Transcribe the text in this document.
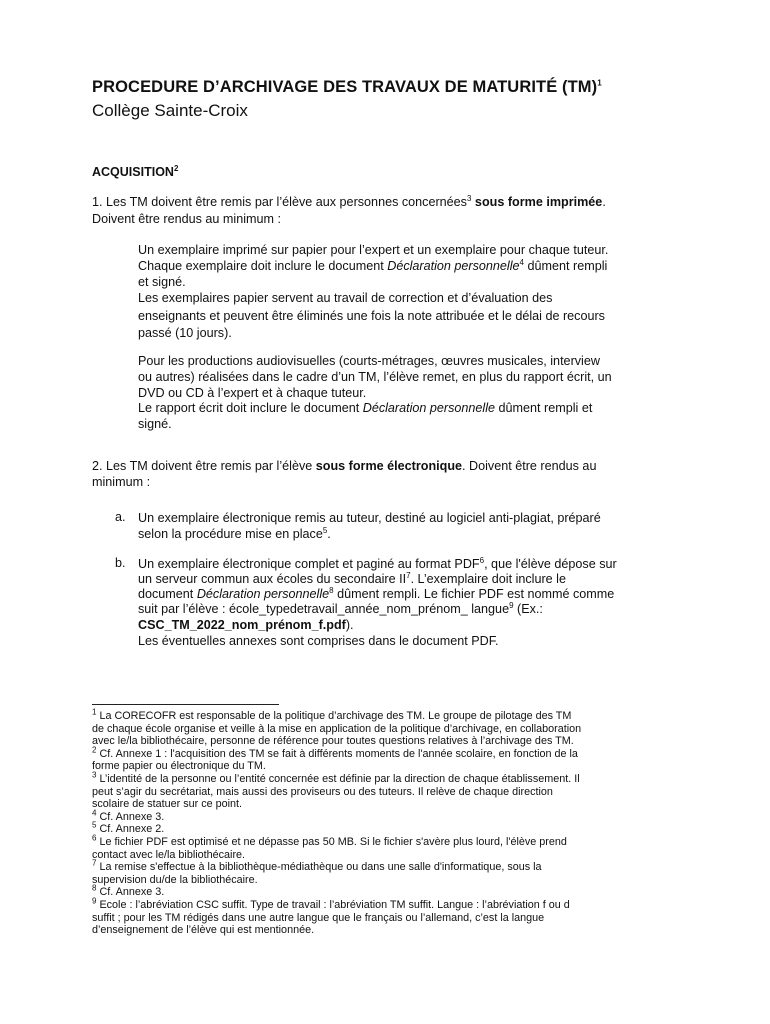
PROCEDURE D’ARCHIVAGE DES TRAVAUX DE MATURITÉ (TM)$^1$
Collège Sainte-Croix
ACQUISITION$^2$
1. Les TM doivent être remis par l’élève aux personnes concernées$^3$ sous forme imprimée.
Doivent être rendus au minimum :
Un exemplaire imprimé sur papier pour l’expert et un exemplaire pour chaque tuteur.
Chaque exemplaire doit inclure le document Déclaration personnelle$^4$ dûment rempli
et signé.
Les exemplaires papier servent au travail de correction et d’évaluation des
enseignants et peuvent être éliminés une fois la note attribuée et le délai de recours
passé (10 jours).
Pour les productions audiovisuelles (courts-métrages, œuvres musicales, interview
ou autres) réalisées dans le cadre d’un TM, l’élève remet, en plus du rapport écrit, un
DVD ou CD à l’expert et à chaque tuteur.
Le rapport écrit doit inclure le document Déclaration personnelle dûment rempli et
signé.
2. Les TM doivent être remis par l’élève sous forme électronique. Doivent être rendus au
minimum :
a. Un exemplaire électronique remis au tuteur, destiné au logiciel anti-plagiat, préparé
selon la procédure mise en place$^5$.
b. Un exemplaire électronique complet et paginé au format PDF$^6$, que l'élève dépose sur
un serveur commun aux écoles du secondaire $II^7$. L’exemplaire doit inclure le
document Déclaration personnelle$^8$ dûment rempli. Le fichier PDF est nommé comme
suit par l’élève : école_typedetravail_année_nom_prénom_ langue$^9$ (Ex.:
CSC_TM_2022_nom_prénom_f.pdf).
Les éventuelles annexes sont comprises dans le document PDF.
$^1$ La CORECOFR est responsable de la politique d’archivage des TM. Le groupe de pilotage des TM
de chaque école organise et veille à la mise en application de la politique d’archivage, en collaboration
avec le/la bibliothécaire, personne de référence pour toutes questions relatives à l’archivage des TM.
$^2$ Cf. Annexe 1 : l'acquisition des TM se fait à différents moments de l'année scolaire, en fonction de la
forme papier ou électronique du TM.
$^3$ L’identité de la personne ou l’entité concernée est définie par la direction de chaque établissement. Il
peut s’agir du secrétariat, mais aussi des proviseurs ou des tuteurs. Il relève de chaque direction
scolaire de statuer sur ce point.
$^4$ Cf. Annexe 3.
$^5$ Cf. Annexe 2.
$^6$ Le fichier PDF est optimisé et ne dépasse pas 50 MB. Si le fichier s'avère plus lourd, l'élève prend
contact avec le/la bibliothécaire.
$^7$ La remise s'effectue à la bibliothèque-médiathèque ou dans une salle d'informatique, sous la
supervision du/de la bibliothécaire.
$^8$ Cf. Annexe 3.
$^9$ Ecole : l’abréviation CSC suffit. Type de travail : l’abréviation TM suffit. Langue : l’abréviation f ou d
suffit ; pour les TM rédigés dans une autre langue que le français ou l’allemand, c’est la langue
d’enseignement de l’élève qui est mentionnée.
